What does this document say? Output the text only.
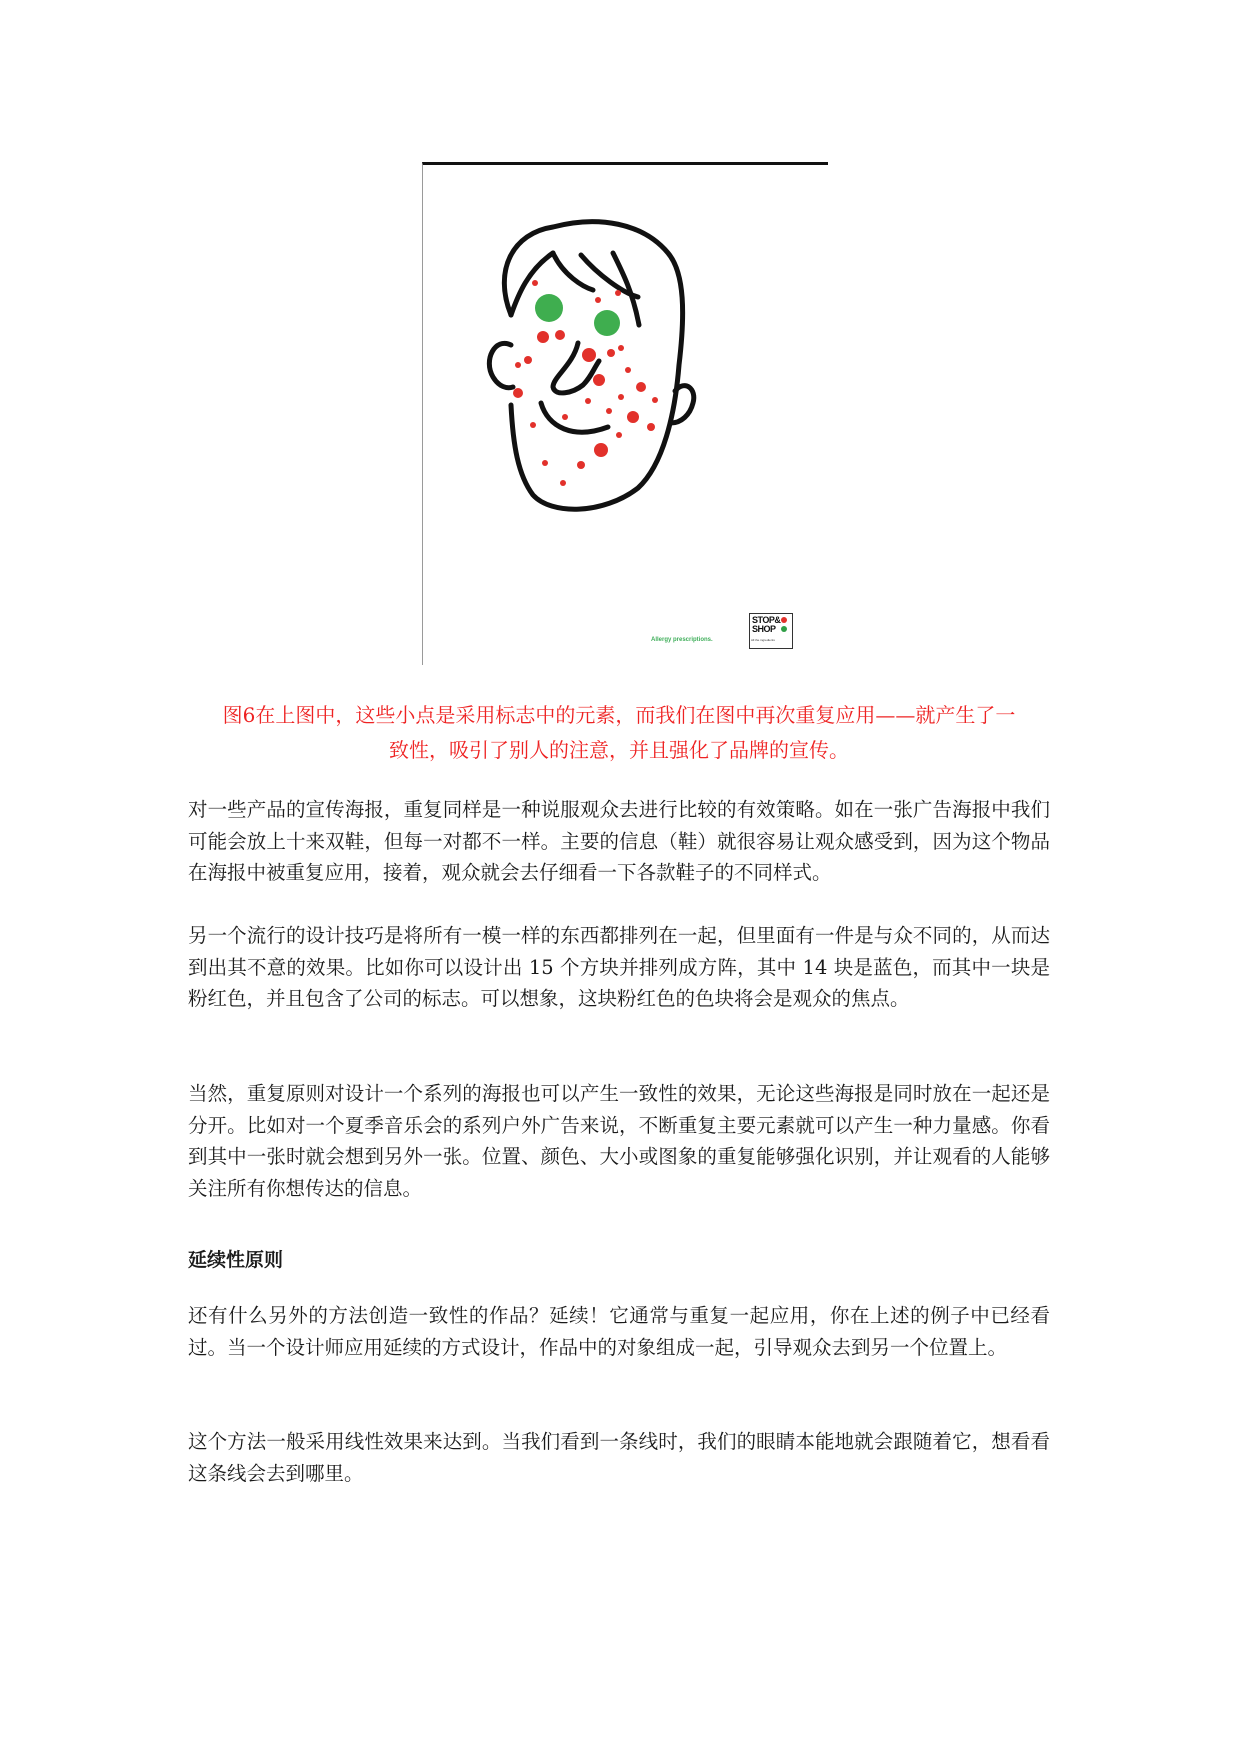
Allergy prescriptions.
STOP&
SHOP
All the ingredients
图6在上图中，这些小点是采用标志中的元素，而我们在图中再次重复应用——就产生了一
致性，吸引了别人的注意，并且强化了品牌的宣传。
对一些产品的宣传海报，重复同样是一种说服观众去进行比较的有效策略。如在一张广告海报中我们可能会放上十来双鞋，但每一对都不一样。主要的信息（鞋）就很容易让观众感受到，因为这个物品在海报中被重复应用，接着，观众就会去仔细看一下各款鞋子的不同样式。
另一个流行的设计技巧是将所有一模一样的东西都排列在一起，但里面有一件是与众不同的，从而达到出其不意的效果。比如你可以设计出 15 个方块并排列成方阵，其中 14 块是蓝色，而其中一块是粉红色，并且包含了公司的标志。可以想象，这块粉红色的色块将会是观众的焦点。
当然，重复原则对设计一个系列的海报也可以产生一致性的效果，无论这些海报是同时放在一起还是分开。比如对一个夏季音乐会的系列户外广告来说，不断重复主要元素就可以产生一种力量感。你看到其中一张时就会想到另外一张。位置、颜色、大小或图象的重复能够强化识别，并让观看的人能够关注所有你想传达的信息。
延续性原则
还有什么另外的方法创造一致性的作品？延续！它通常与重复一起应用，你在上述的例子中已经看过。当一个设计师应用延续的方式设计，作品中的对象组成一起，引导观众去到另一个位置上。
这个方法一般采用线性效果来达到。当我们看到一条线时，我们的眼睛本能地就会跟随着它，想看看这条线会去到哪里。
